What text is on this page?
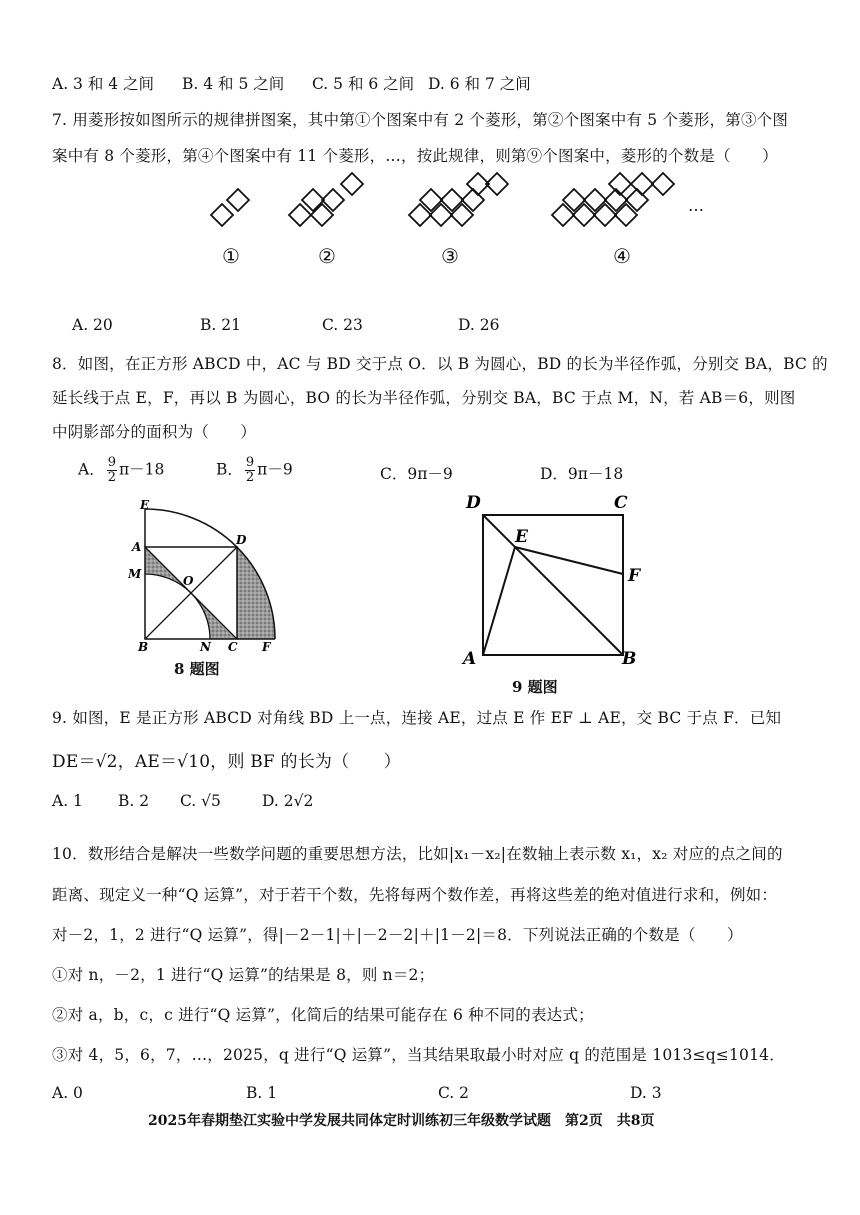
A. 3 和 4 之间 B. 4 和 5 之间 C. 5 和 6 之间 D. 6 和 7 之间
7. 用菱形按如图所示的规律拼图案，其中第①个图案中有 2 个菱形，第②个图案中有 5 个菱形，第③个图
案中有 8 个菱形，第④个图案中有 11 个菱形，…，按此规律，则第⑨个图案中，菱形的个数是（　　）
…
①	②	③	④
A. 20	B. 21	C. 23	D. 26
8．如图，在正方形 ABCD 中，AC 与 BD 交于点 O．以 B 为圆心，BD 的长为半径作弧，分别交 BA，BC 的
延长线于点 E，F，再以 B 为圆心，BO 的长为半径作弧，分别交 BA，BC 于点 M，N，若 AB＝6，则图
中阴影部分的面积为（　　）
A． $\frac{9}{2} \pi-18$	B． $\frac{9}{2} \pi-9$	C．9π－9	D．9π－18
E
A
M	O
D
B	N C F
8 题图
D	C
E
F
A	B
9 题图
9. 如图，E 是正方形 ABCD 对角线 BD 上一点，连接 AE，过点 E 作 EF ⊥ AE，交 BC 于点 F．已知
DE＝√2，AE＝√10，则 BF 的长为（　　）
A. 1 B. 2 C. √5	D. 2√2
10．数形结合是解决一些数学问题的重要思想方法，比如|x₁－x₂|在数轴上表示数 x₁，x₂ 对应的点之间的
距离、现定义一种“Q 运算”，对于若干个数，先将每两个数作差，再将这些差的绝对值进行求和，例如：
对－2，1，2 进行“Q 运算”，得|－2－1|＋|－2－2|＋|1－2|＝8．下列说法正确的个数是（　　）
①对 n，－2，1 进行“Q 运算”的结果是 8，则 n＝2；
②对 a，b，c，c 进行“Q 运算”，化简后的结果可能存在 6 种不同的表达式；
③对 4，5，6，7，…，2025，q 进行“Q 运算”，当其结果取最小时对应 q 的范围是 1013≤q≤1014．
A. 0	B. 1	C. 2	D. 3
2025年春期垫江实验中学发展共同体定时训练初三年级数学试题　第2页　共8页
